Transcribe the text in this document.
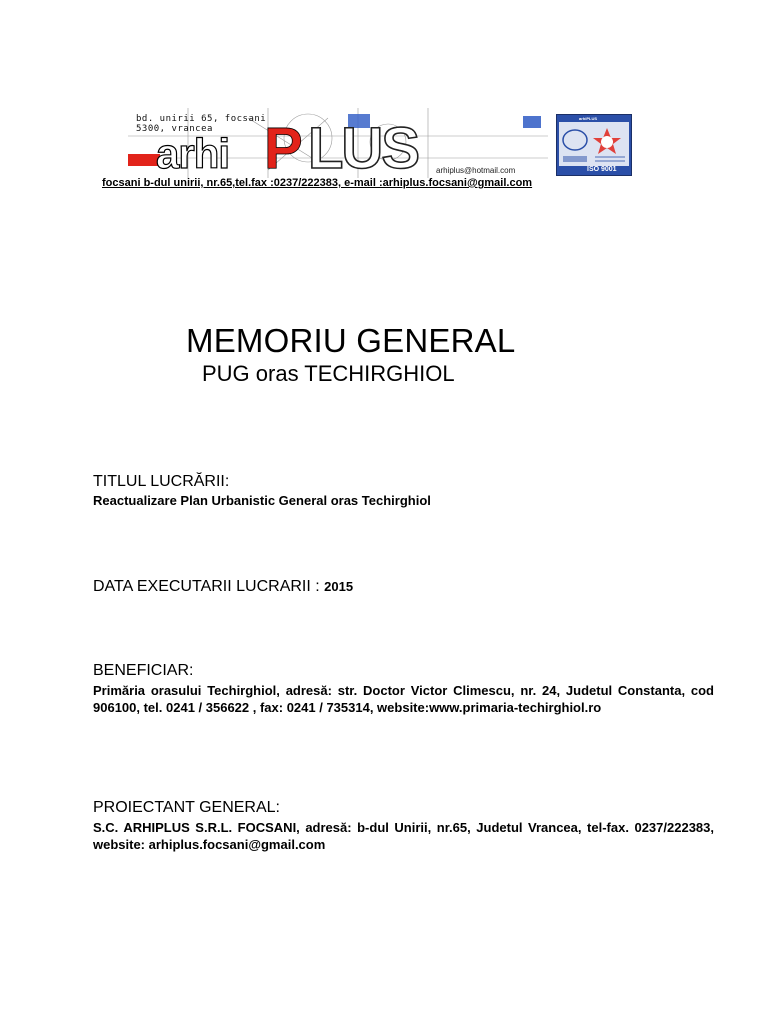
arhi P LUS
bd. unirii 65, focsani
5300, vrancea
arhiplus@hotmail.com
arhiPLUS
ISO 9001
focsani b-dul unirii, nr.65,tel.fax :0237/222383, e-mail :arhiplus.focsani@gmail.com
MEMORIU GENERAL
PUG oras TECHIRGHIOL
TITLUL LUCRĂRII:
Reactualizare Plan Urbanistic General oras Techirghiol
DATA EXECUTARII LUCRARII : 2015
BENEFICIAR:
Primăria orasului Techirghiol, adresă: str. Doctor Victor Climescu, nr. 24, Judetul Constanta, cod 906100, tel. 0241 / 356622 , fax: 0241 / 735314, website:www.primaria-techirghiol.ro
PROIECTANT GENERAL:
S.C. ARHIPLUS S.R.L. FOCSANI, adresă: b-dul Unirii, nr.65, Judetul Vrancea, tel-fax. 0237/222383, website: arhiplus.focsani@gmail.com
